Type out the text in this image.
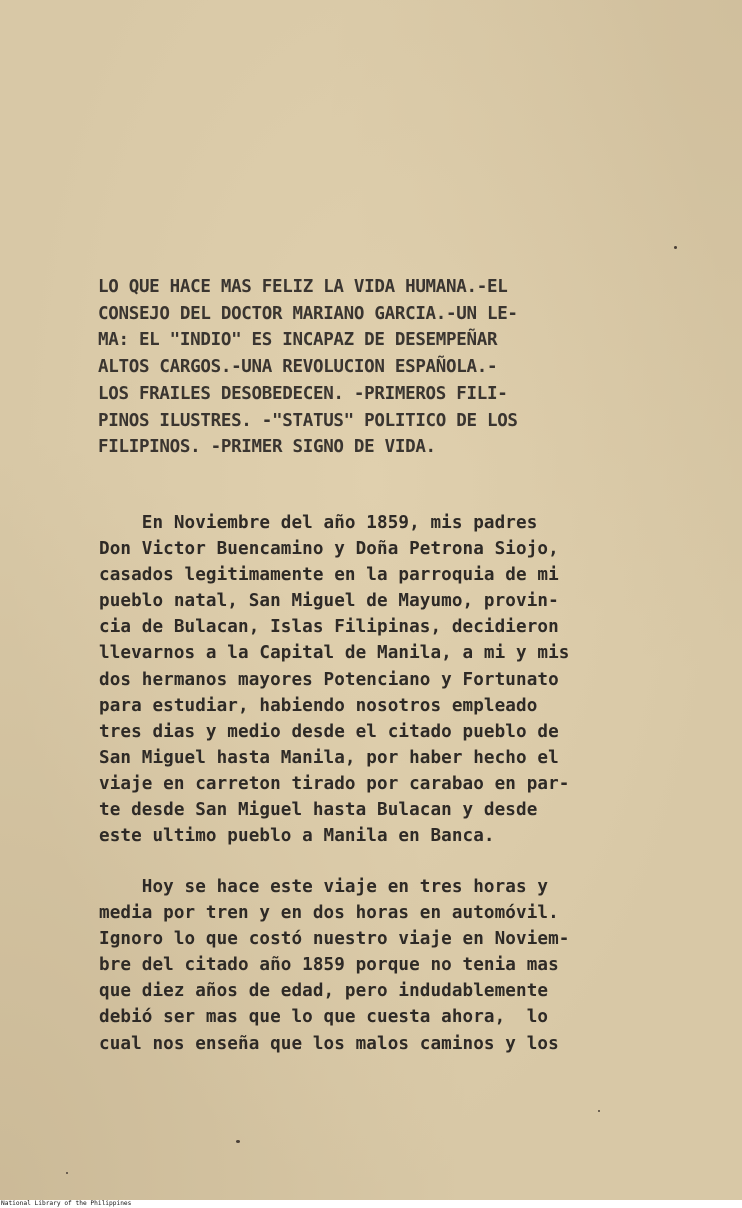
LO QUE HACE MAS FELIZ LA VIDA HUMANA.-EL
CONSEJO DEL DOCTOR MARIANO GARCIA.-UN LE-
MA: EL "INDIO" ES INCAPAZ DE DESEMPEÑAR
ALTOS CARGOS.-UNA REVOLUCION ESPAÑOLA.-
LOS FRAILES DESOBEDECEN. -PRIMEROS FILI-
PINOS ILUSTRES. -"STATUS" POLITICO DE LOS
FILIPINOS. -PRIMER SIGNO DE VIDA.
En Noviembre del año 1859, mis padres
Don Victor Buencamino y Doña Petrona Siojo,
casados legitimamente en la parroquia de mi
pueblo natal, San Miguel de Mayumo, provin-
cia de Bulacan, Islas Filipinas, decidieron
llevarnos a la Capital de Manila, a mi y mis
dos hermanos mayores Potenciano y Fortunato
para estudiar, habiendo nosotros empleado
tres dias y medio desde el citado pueblo de
San Miguel hasta Manila, por haber hecho el
viaje en carreton tirado por carabao en par-
te desde San Miguel hasta Bulacan y desde
este ultimo pueblo a Manila en Banca.
Hoy se hace este viaje en tres horas y
media por tren y en dos horas en automóvil.
Ignoro lo que costó nuestro viaje en Noviem-
bre del citado año 1859 porque no tenia mas
que diez años de edad, pero indudablemente
debió ser mas que lo que cuesta ahora,  lo
cual nos enseña que los malos caminos y los
National Library of the Philippines
